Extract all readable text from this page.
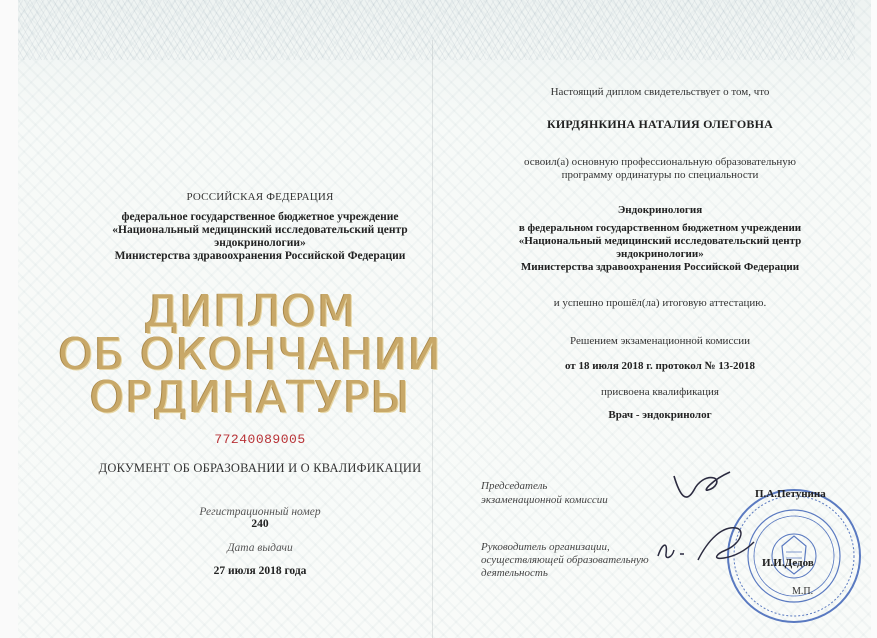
РОССИЙСКАЯ ФЕДЕРАЦИЯ
федеральное государственное бюджетное учреждение
«Национальный медицинский исследовательский центр
эндокринологии»
Министерства здравоохранения Российской Федерации
ДИПЛОМ
ОБ ОКОНЧАНИИ
ОРДИНАТУРЫ
77240089005
ДОКУМЕНТ ОБ ОБРАЗОВАНИИ И О КВАЛИФИКАЦИИ
Регистрационный номер
240
Дата выдачи
27 июля 2018 года
Настоящий диплом свидетельствует о том, что
КИРДЯНКИНА НАТАЛИЯ ОЛЕГОВНА
освоил(а) основную профессиональную образовательную
программу ординатуры по специальности
Эндокринология
в федеральном государственном бюджетном учреждении
«Национальный медицинский исследовательский центр
эндокринологии»
Министерства здравоохранения Российской Федерации
и успешно прошёл(ла) итоговую аттестацию.
Решением экзаменационной комиссии
от 18 июля 2018 г. протокол № 13-2018
присвоена квалификация
Врач - эндокринолог
Председатель
экзаменационной комиссии	П.А.Петунина
Руководитель организации,
осуществляющей образовательную
деятельность
И.И.Дедов
М.П.
